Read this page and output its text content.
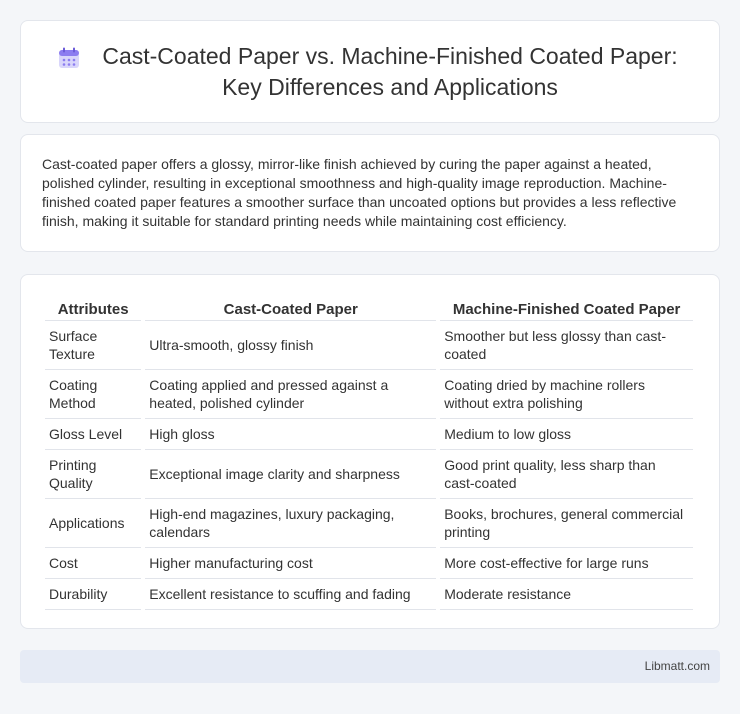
Cast-Coated Paper vs. Machine-Finished Coated Paper: Key Differences and Applications

Cast-coated paper offers a glossy, mirror-like finish achieved by curing the paper against a heated, polished cylinder, resulting in exceptional smoothness and high-quality image reproduction. Machine-finished coated paper features a smoother surface than uncoated options but provides a less reflective finish, making it suitable for standard printing needs while maintaining cost efficiency.

Attributes	Cast-Coated Paper	Machine-Finished Coated Paper
Surface Texture	Ultra-smooth, glossy finish	Smoother but less glossy than cast-coated
Coating Method	Coating applied and pressed against a heated, polished cylinder	Coating dried by machine rollers without extra polishing
Gloss Level	High gloss	Medium to low gloss
Printing Quality	Exceptional image clarity and sharpness	Good print quality, less sharp than cast-coated
Applications	High-end magazines, luxury packaging, calendars	Books, brochures, general commercial printing
Cost	Higher manufacturing cost	More cost-effective for large runs
Durability	Excellent resistance to scuffing and fading	Moderate resistance
Libmatt.com
